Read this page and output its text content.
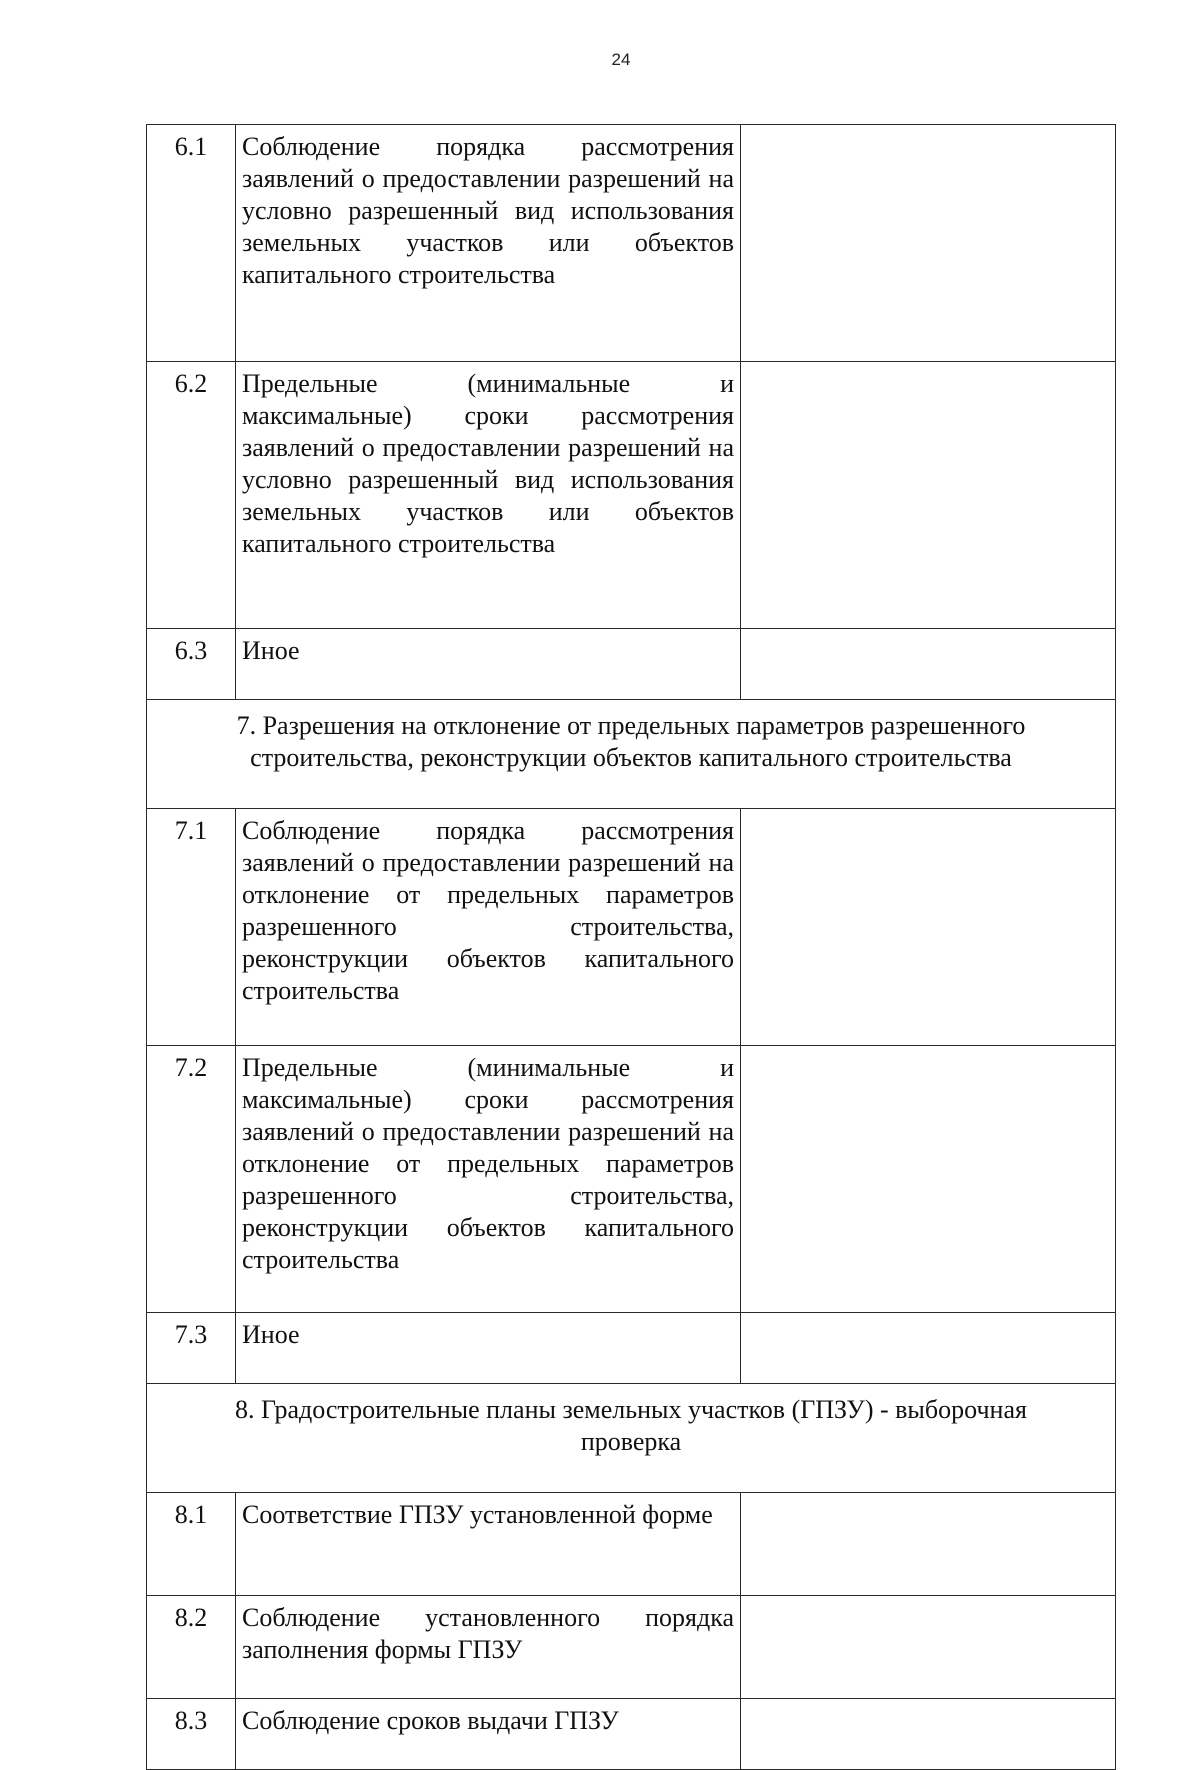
24
6.1	Соблюдение порядка рассмотрения заявлений о предоставлении разрешений на условно разрешенный вид использования земельных участков или объектов капитального строительства	
6.2	Предельные (минимальные и максимальные) сроки рассмотрения заявлений о предоставлении разрешений на условно разрешенный вид использования земельных участков или объектов капитального строительства	
6.3	Иное	
7. Разрешения на отклонение от предельных параметров разрешенного строительства, реконструкции объектов капитального строительства		
7.1	Соблюдение порядка рассмотрения заявлений о предоставлении разрешений на отклонение от предельных параметров разрешенного строительства, реконструкции объектов капитального строительства	
7.2	Предельные (минимальные и максимальные) сроки рассмотрения заявлений о предоставлении разрешений на отклонение от предельных параметров разрешенного строительства, реконструкции объектов капитального строительства	
7.3	Иное	
8. Градостроительные планы земельных участков (ГПЗУ) - выборочная проверка		
8.1	Соответствие ГПЗУ установленной форме	
8.2	Соблюдение установленного порядка заполнения формы ГПЗУ	
8.3	Соблюдение сроков выдачи ГПЗУ	
